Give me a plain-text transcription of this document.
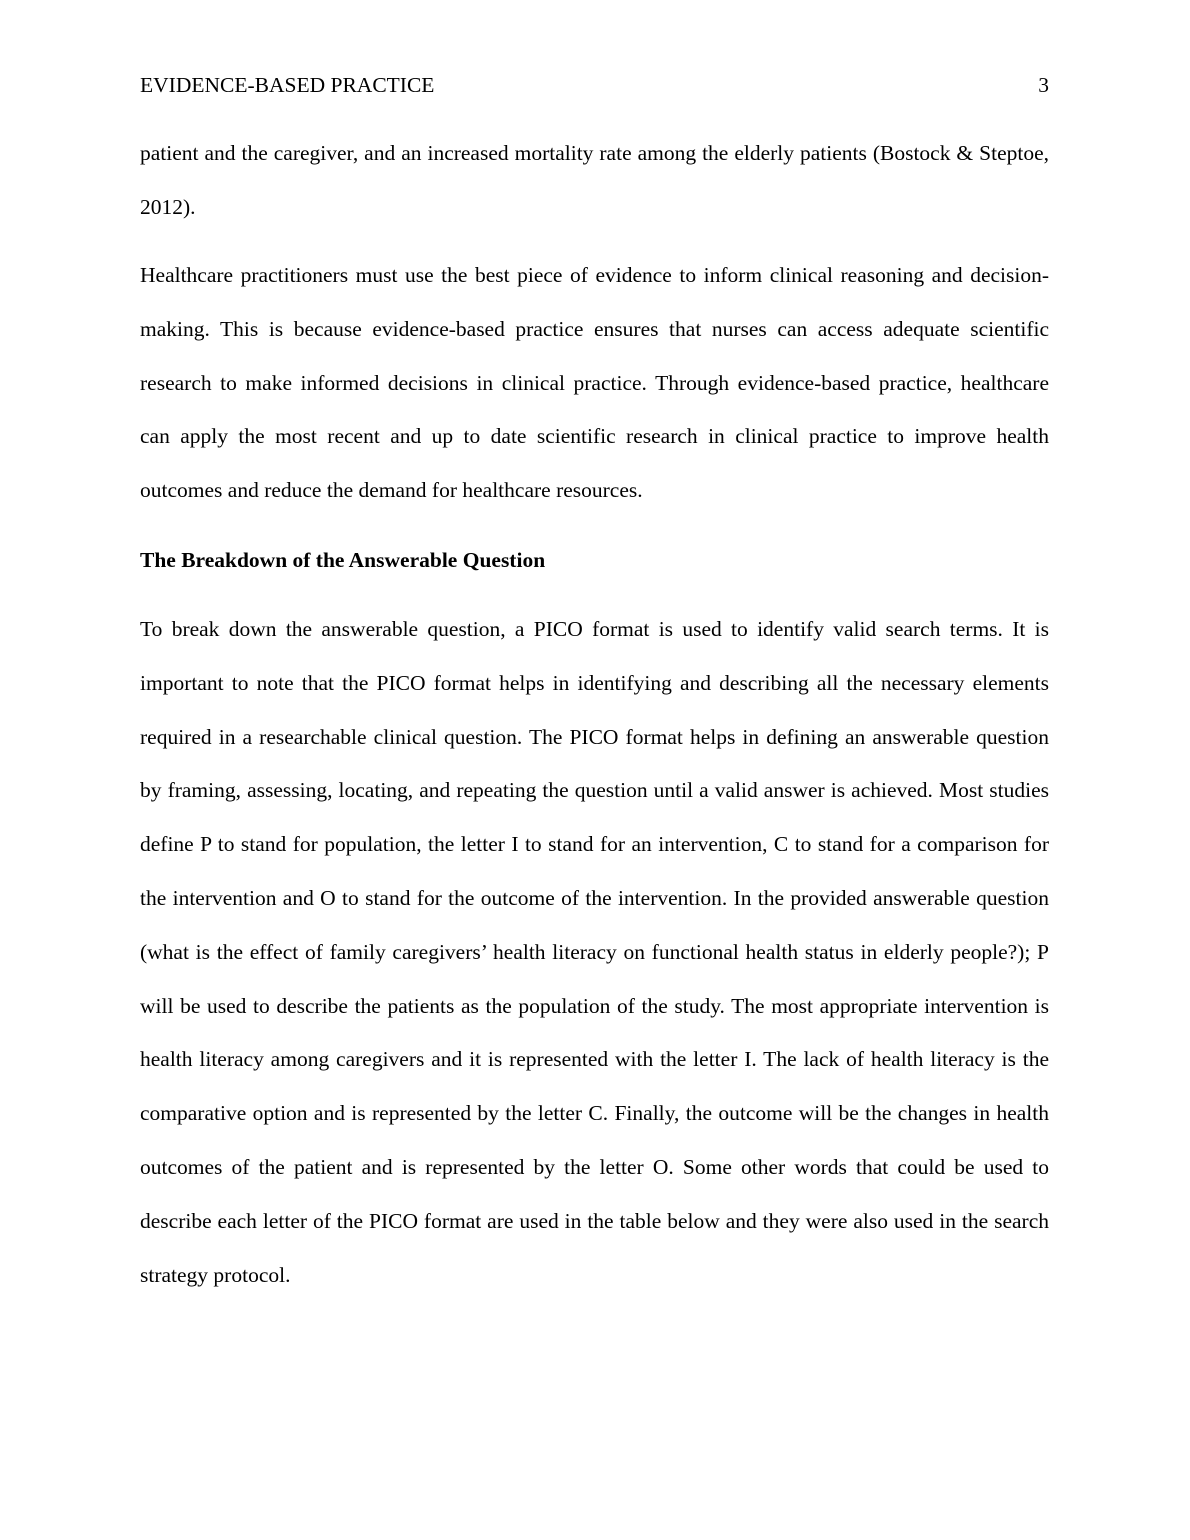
EVIDENCE-BASED PRACTICE	3

patient and the caregiver, and an increased mortality rate among the elderly patients (Bostock & Steptoe, 2012).

Healthcare practitioners must use the best piece of evidence to inform clinical reasoning and decision-making. This is because evidence-based practice ensures that nurses can access adequate scientific research to make informed decisions in clinical practice. Through evidence-based practice, healthcare can apply the most recent and up to date scientific research in clinical practice to improve health outcomes and reduce the demand for healthcare resources.

The Breakdown of the Answerable Question

To break down the answerable question, a PICO format is used to identify valid search terms. It is important to note that the PICO format helps in identifying and describing all the necessary elements required in a researchable clinical question. The PICO format helps in defining an answerable question by framing, assessing, locating, and repeating the question until a valid answer is achieved. Most studies define P to stand for population, the letter I to stand for an intervention, C to stand for a comparison for the intervention and O to stand for the outcome of the intervention. In the provided answerable question (what is the effect of family caregivers’ health literacy on functional health status in elderly people?); P will be used to describe the patients as the population of the study. The most appropriate intervention is health literacy among caregivers and it is represented with the letter I. The lack of health literacy is the comparative option and is represented by the letter C. Finally, the outcome will be the changes in health outcomes of the patient and is represented by the letter O. Some other words that could be used to describe each letter of the PICO format are used in the table below and they were also used in the search strategy protocol.
